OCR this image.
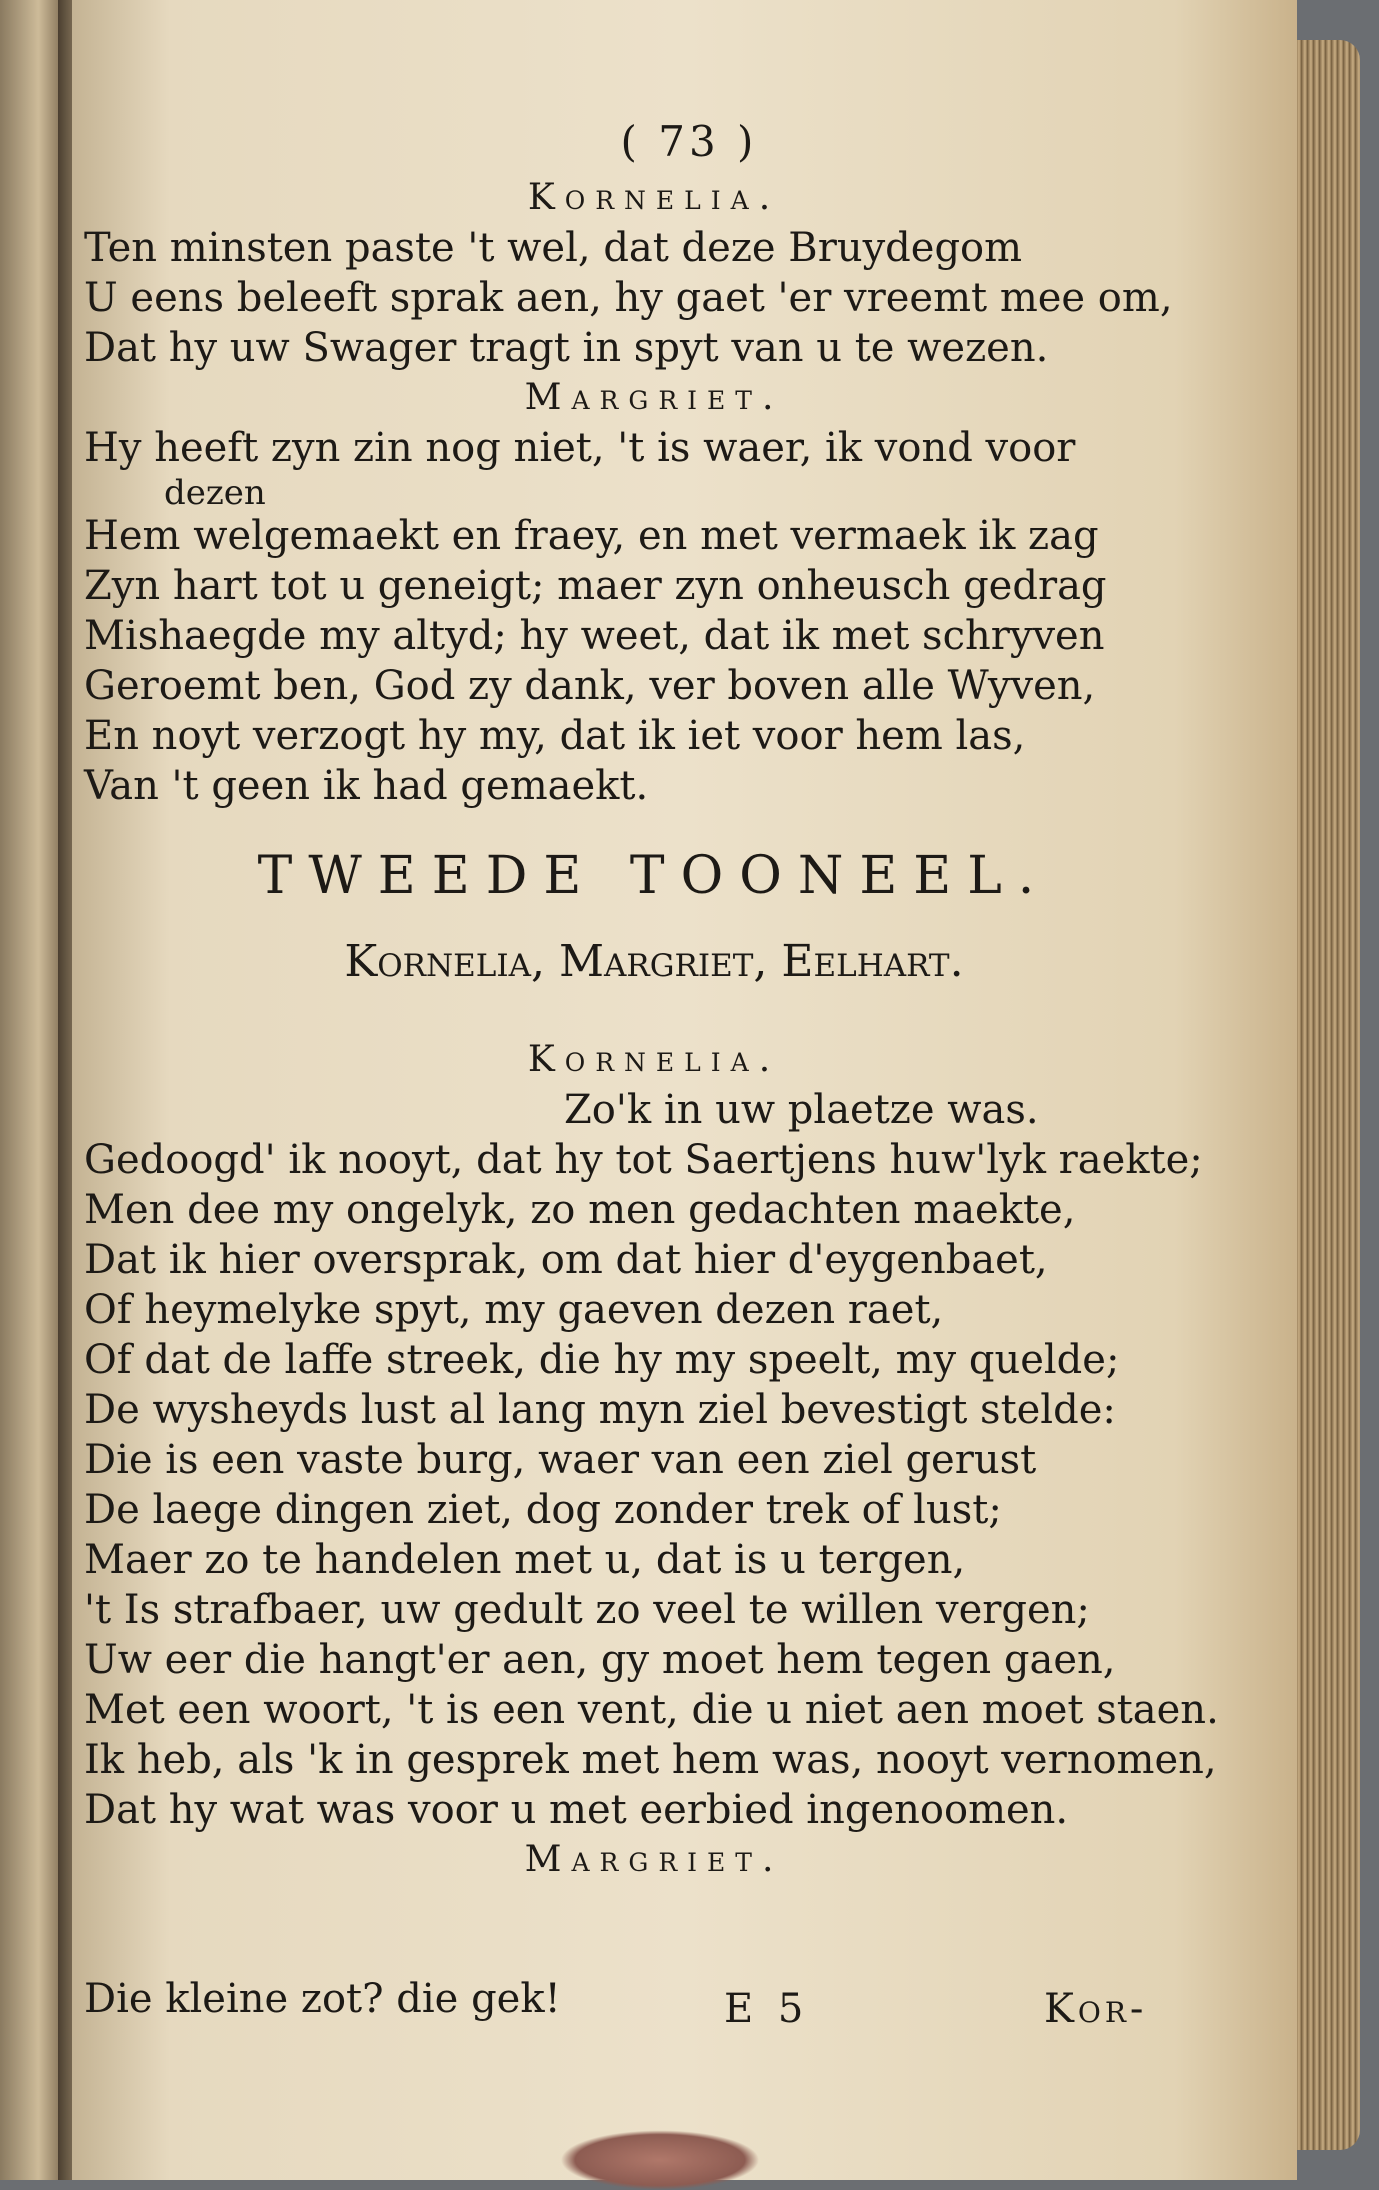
( 73 )
Kornelia.
Ten minsten paste 't wel, dat deze Bruydegom
U eens beleeft sprak aen, hy gaet 'er vreemt mee om,
Dat hy uw Swager tragt in spyt van u te wezen.
Margriet.
Hy heeft zyn zin nog niet, 't is waer, ik vond voor
dezen
Hem welgemaekt en fraey, en met vermaek ik zag
Zyn hart tot u geneigt; maer zyn onheusch gedrag
Mishaegde my altyd; hy weet, dat ik met schryven
Geroemt ben, God zy dank, ver boven alle Wyven,
En noyt verzogt hy my, dat ik iet voor hem las,
Van 't geen ik had gemaekt.
TWEEDE TOONEEL.
Kornelia, Margriet, Eelhart.
Kornelia.
Zo'k in uw plaetze was.
Gedoogd' ik nooyt, dat hy tot Saertjens huw'lyk raekte;
Men dee my ongelyk, zo men gedachten maekte,
Dat ik hier oversprak, om dat hier d'eygenbaet,
Of heymelyke spyt, my gaeven dezen raet,
Of dat de laffe streek, die hy my speelt, my quelde;
De wysheyds lust al lang myn ziel bevestigt stelde:
Die is een vaste burg, waer van een ziel gerust
De laege dingen ziet, dog zonder trek of lust;
Maer zo te handelen met u, dat is u tergen,
't Is strafbaer, uw gedult zo veel te willen vergen;
Uw eer die hangt'er aen, gy moet hem tegen gaen,
Met een woort, 't is een vent, die u niet aen moet staen.
Ik heb, als 'k in gesprek met hem was, nooyt vernomen,
Dat hy wat was voor u met eerbied ingenoomen.
Margriet.
Die kleine zot? die gek!	E 5	Kor-
